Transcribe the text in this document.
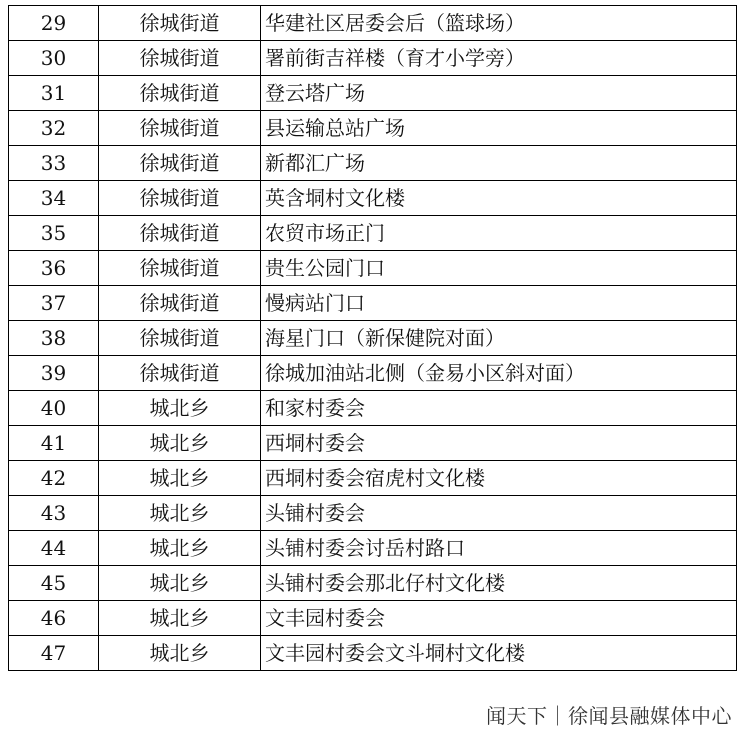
29	徐城街道	华建社区居委会后（篮球场）
30	徐城街道	署前街吉祥楼（育才小学旁）
31	徐城街道	登云塔广场
32	徐城街道	县运输总站广场
33	徐城街道	新都汇广场
34	徐城街道	英含垌村文化楼
35	徐城街道	农贸市场正门
36	徐城街道	贵生公园门口
37	徐城街道	慢病站门口
38	徐城街道	海星门口（新保健院对面）
39	徐城街道	徐城加油站北侧（金易小区斜对面）
40	城北乡	和家村委会
41	城北乡	西垌村委会
42	城北乡	西垌村委会宿虎村文化楼
43	城北乡	头铺村委会
44	城北乡	头铺村委会讨岳村路口
45	城北乡	头铺村委会那北仔村文化楼
46	城北乡	文丰园村委会
47	城北乡	文丰园村委会文斗垌村文化楼
闻天下｜徐闻县融媒体中心
